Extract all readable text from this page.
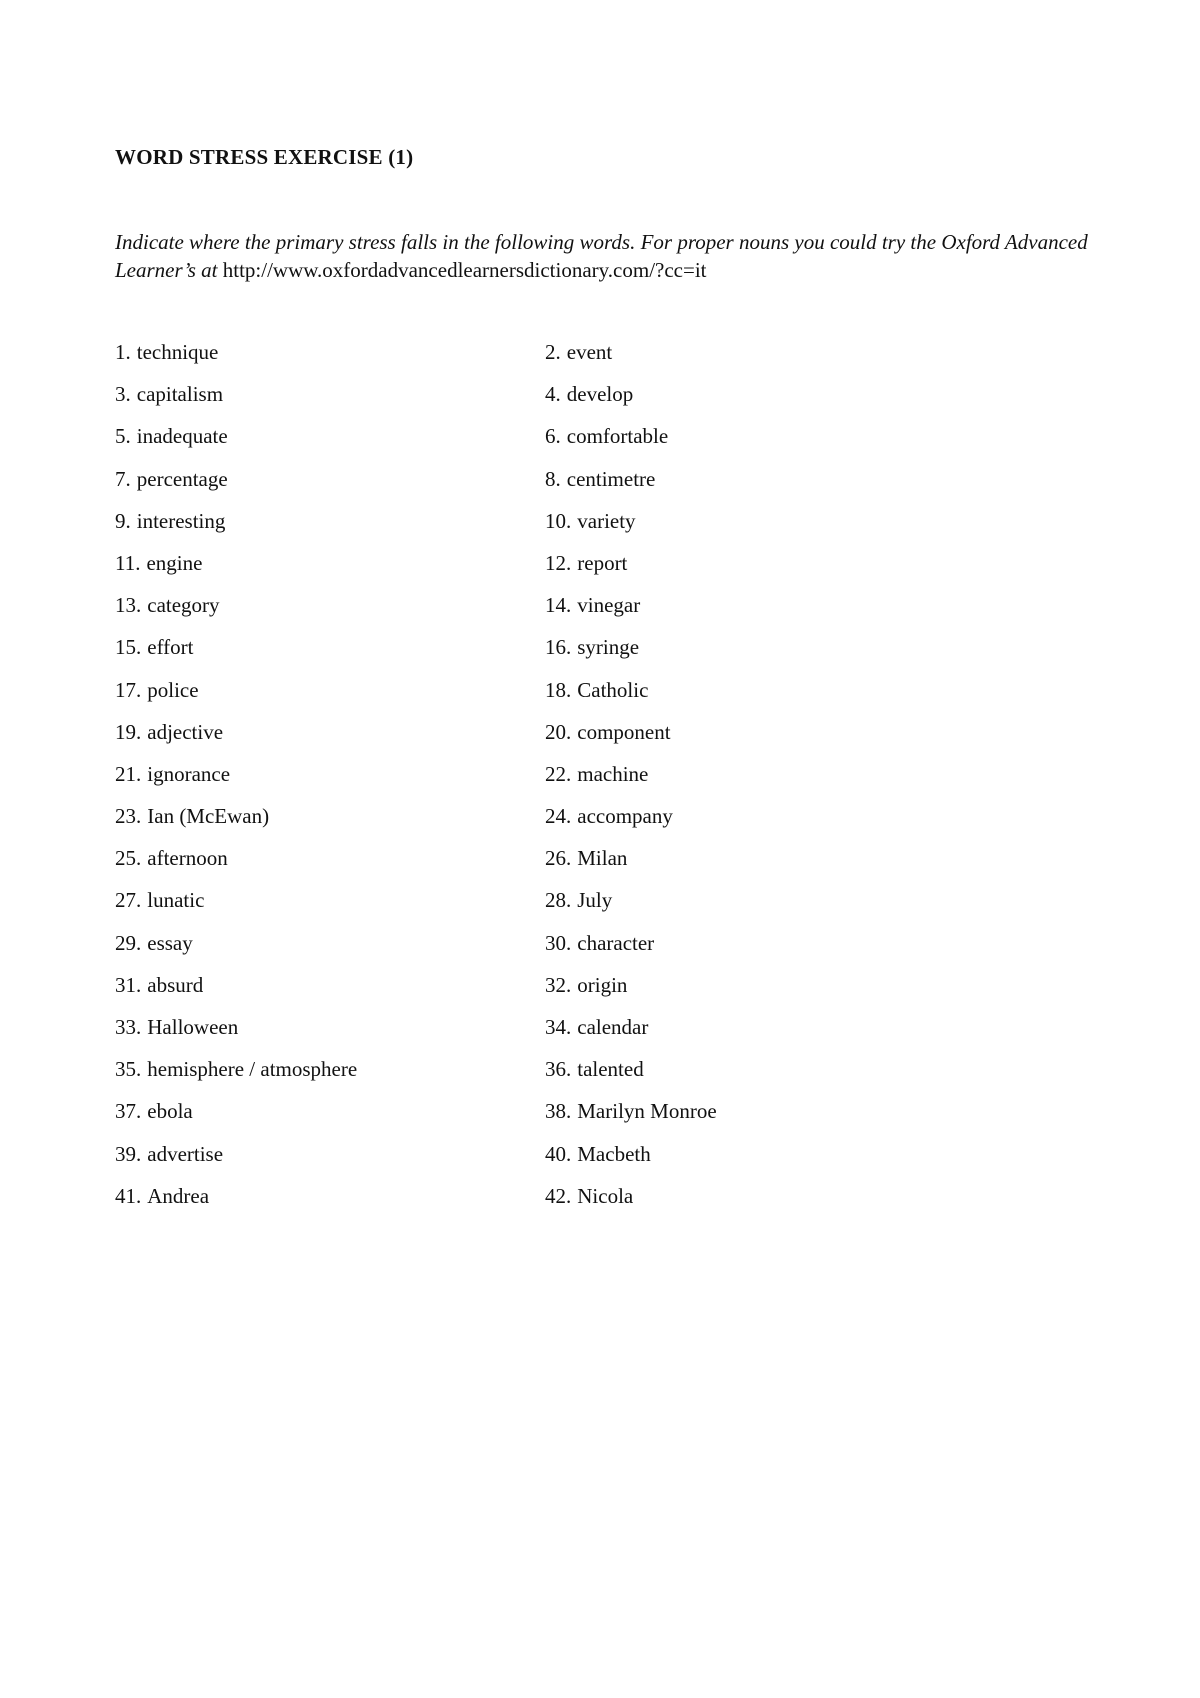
WORD STRESS EXERCISE (1)
Indicate where the primary stress falls in the following words. For proper nouns you could try the Oxford Advanced Learner’s at http://www.oxfordadvancedlearnersdictionary.com/?cc=it
1. technique	2. event
3. capitalism	4. develop
5. inadequate	6. comfortable
7. percentage	8. centimetre
9. interesting	10. variety
11. engine	12. report
13. category	14. vinegar
15. effort	16. syringe
17. police	18. Catholic
19. adjective	20. component
21. ignorance	22. machine
23. Ian (McEwan)	24. accompany
25. afternoon	26. Milan
27. lunatic	28. July
29. essay	30. character
31. absurd	32. origin
33. Halloween	34. calendar
35. hemisphere / atmosphere	36. talented
37. ebola	38. Marilyn Monroe
39. advertise	40. Macbeth
41. Andrea	42. Nicola
